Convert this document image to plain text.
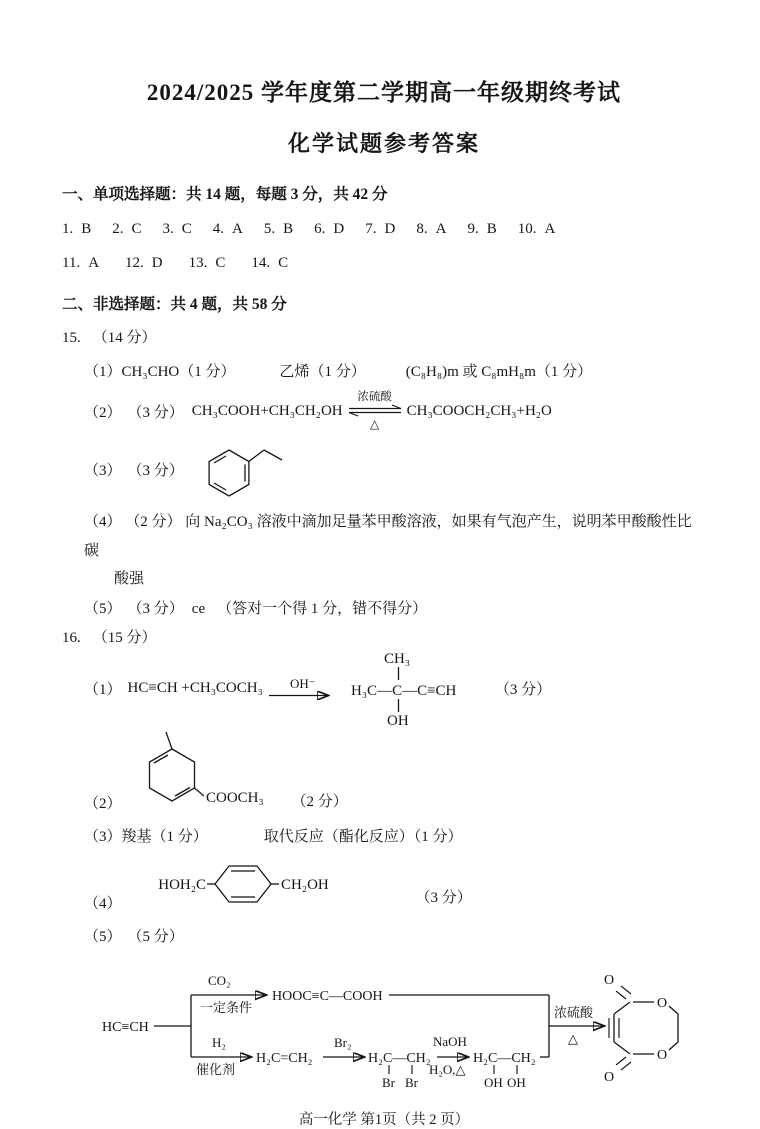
2024/2025 学年度第二学期高一年级期终考试

化学试题参考答案

一、单项选择题：共 14 题，每题 3 分，共 42 分

1. B 2. C 3. C 4. A 5. B 6. D 7. D 8. A 9. B 10. A
11. A 12. D 13. C 14. C

二、非选择题：共 4 题，共 58 分

15. （14 分）
（1） CH₃CHO（1 分）	乙烯（1 分）	(C₈H₈)m 或 C₈mH₈m（1 分）
（2） （3 分） CH₃COOH+CH₃CH₂OH
浓硫酸
△
CH₃COOCH₂CH₃+H₂O
（3） （3 分）
（4） （2 分） 向 Na₂CO₃ 溶液中滴加足量苯甲酸溶液，如果有气泡产生，说明苯甲酸酸性比碳
酸强
（5） （3 分） ce （答对一个得 1 分，错不得分）
16. （15 分）
（1） HC≡CH +CH₃COCH₃ OH⁻
CH₃
H₃C—C—C≡CH
OH
（3 分）
（2）	COOCH₃ （2 分）
（3） 羧基（1 分）	取代反应（酯化反应）（1 分）
（4）
HOH₂C	CH₂OH
（3 分）
（5） （5 分）
HC≡CH
CO₂
一定条件
HOOC≡C—COOH
H₂
催化剂
H₂C=CH₂
Br₂
H₂C—CH₂
Br Br
NaOH
H₂O,△
H₂C—CH₂
OH OH
浓硫酸
△
O
O
O
O

高一化学 第1页（共 2 页）
